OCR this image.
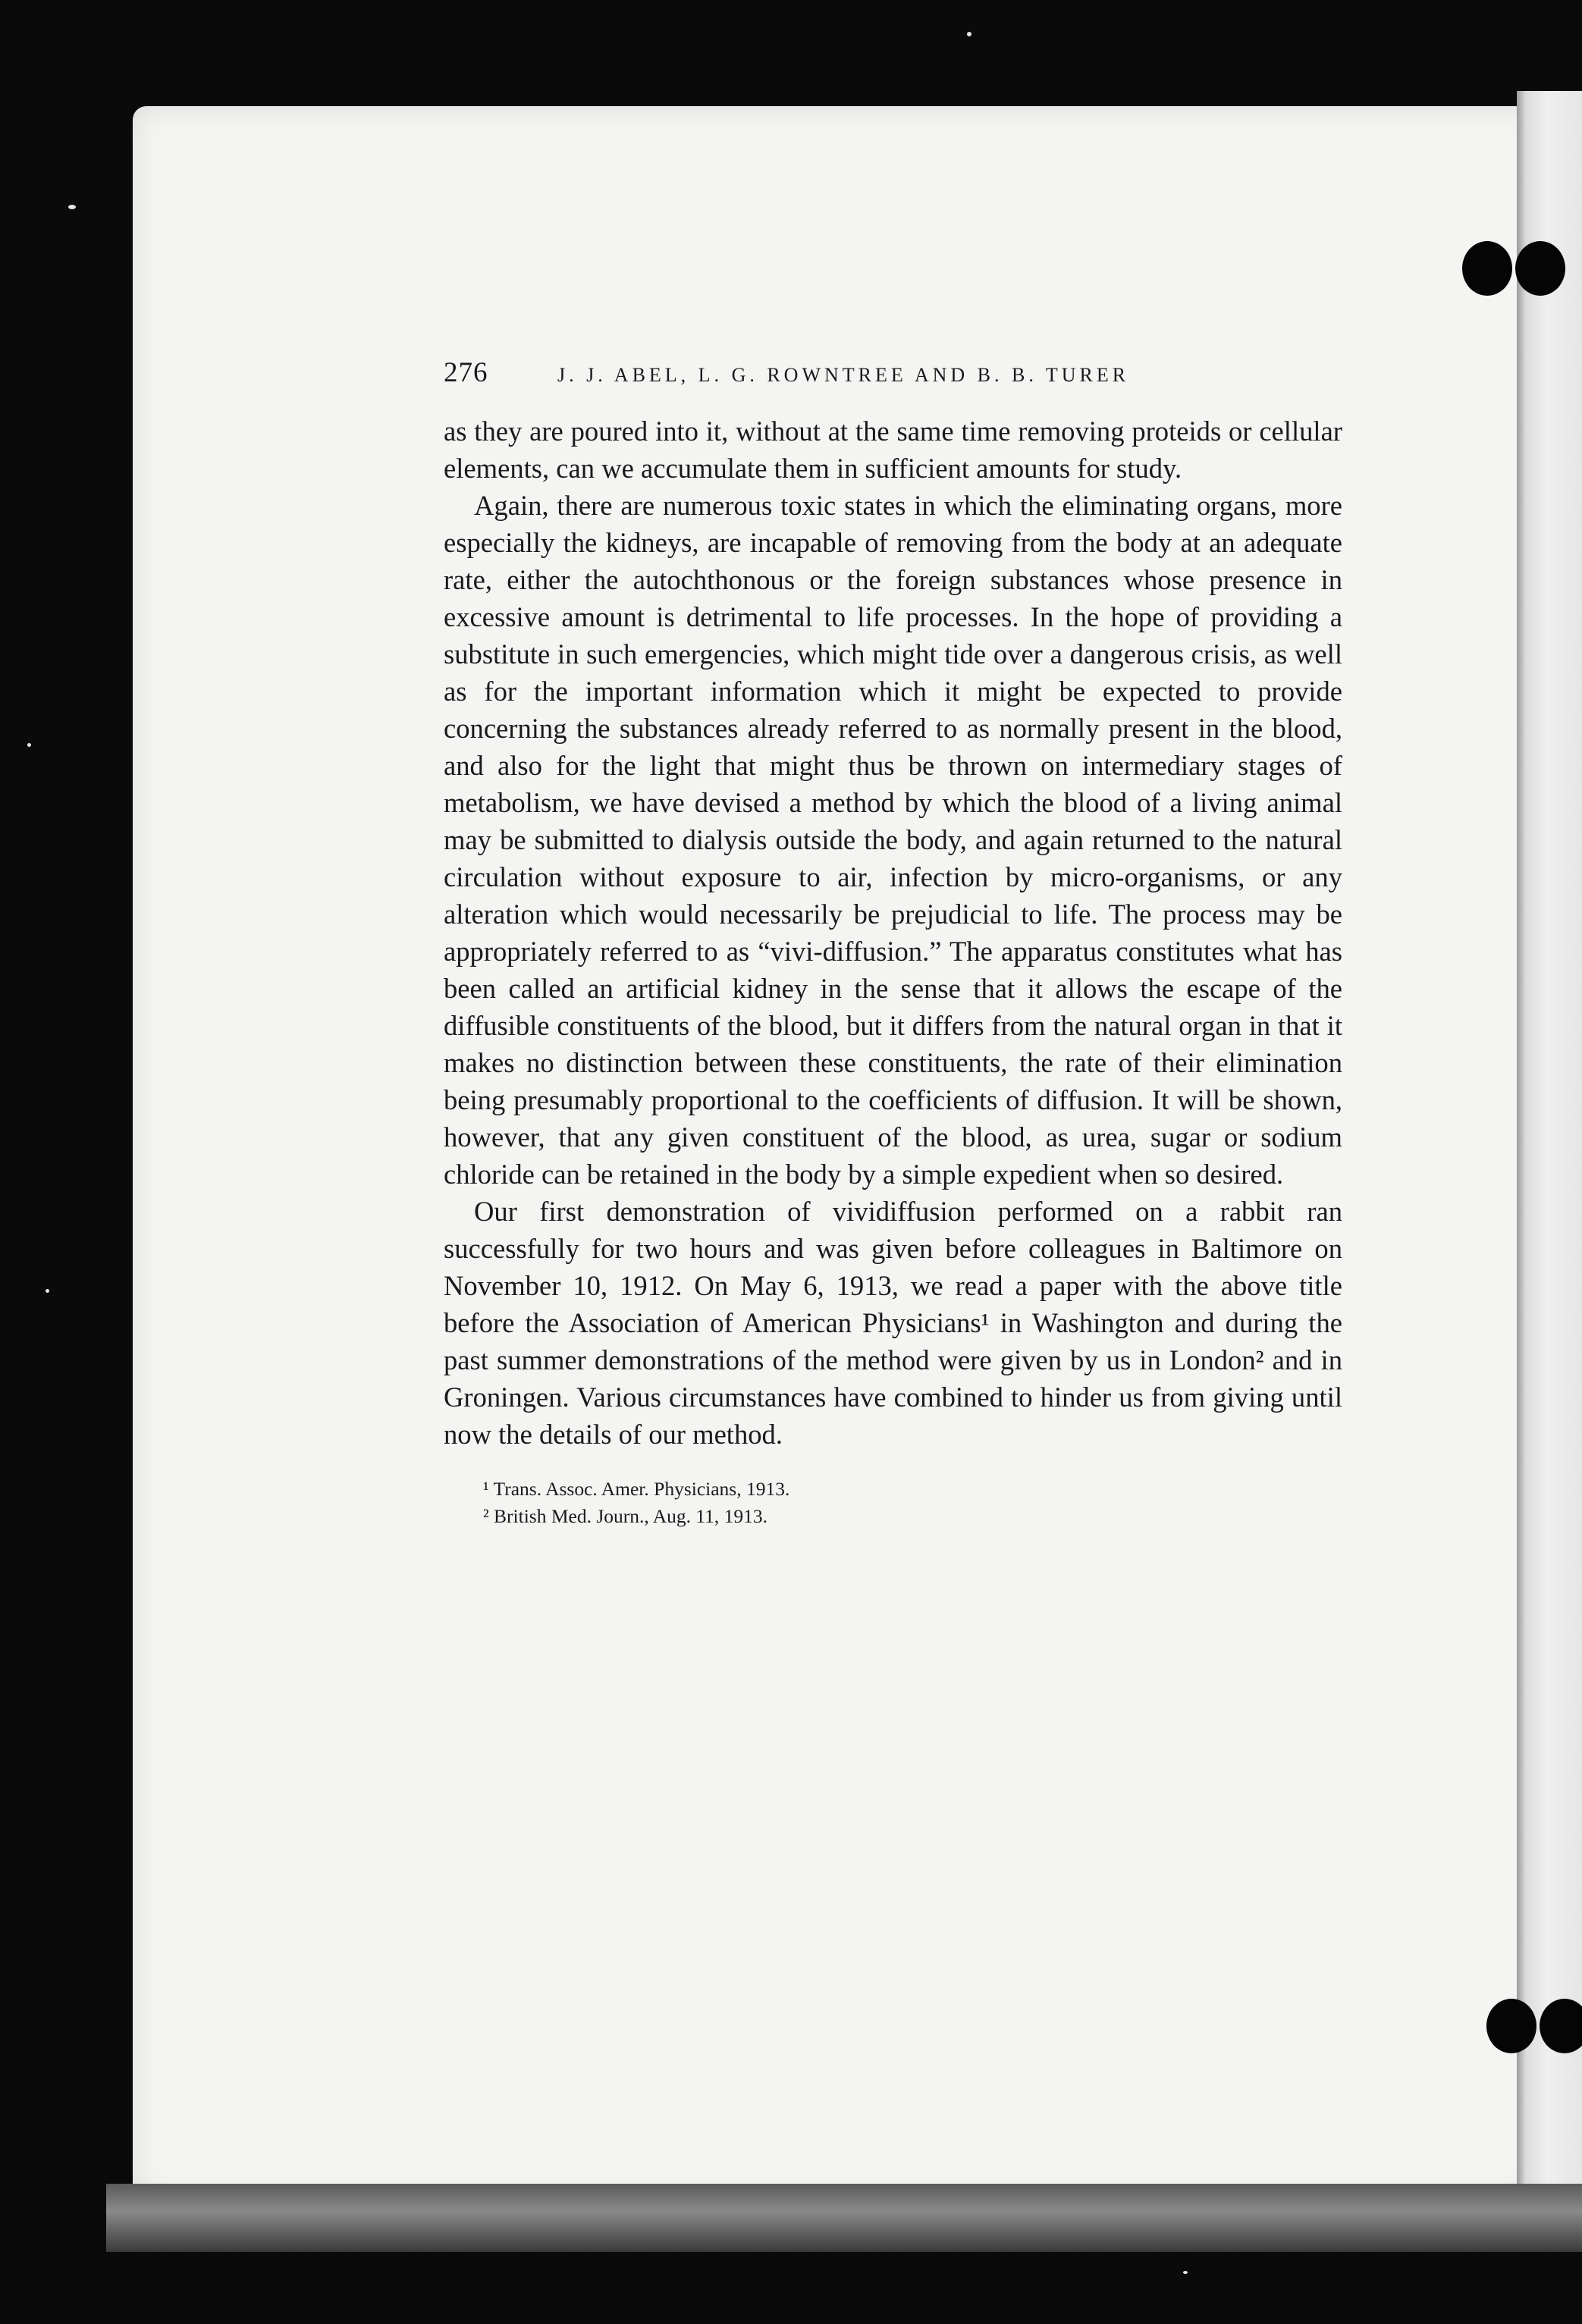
276	J. J. ABEL, L. G. ROWNTREE AND B. B. TURER

as they are poured into it, without at the same time removing proteids or cellular elements, can we accumulate them in sufficient amounts for study.

Again, there are numerous toxic states in which the eliminating organs, more especially the kidneys, are incapable of removing from the body at an adequate rate, either the autochthonous or the foreign substances whose presence in excessive amount is detrimental to life processes. In the hope of providing a substitute in such emergencies, which might tide over a dangerous crisis, as well as for the important information which it might be expected to provide concerning the substances already referred to as normally present in the blood, and also for the light that might thus be thrown on intermediary stages of metabolism, we have devised a method by which the blood of a living animal may be submitted to dialysis outside the body, and again returned to the natural circulation without exposure to air, infection by micro-organisms, or any alteration which would necessarily be prejudicial to life. The process may be appropriately referred to as “vivi-diffusion.” The apparatus constitutes what has been called an artificial kidney in the sense that it allows the escape of the diffusible constituents of the blood, but it differs from the natural organ in that it makes no distinction between these constituents, the rate of their elimination being presumably proportional to the coefficients of diffusion. It will be shown, however, that any given constituent of the blood, as urea, sugar or sodium chloride can be retained in the body by a simple expedient when so desired.

Our first demonstration of vividiffusion performed on a rabbit ran successfully for two hours and was given before colleagues in Baltimore on November 10, 1912. On May 6, 1913, we read a paper with the above title before the Association of American Physicians¹ in Washington and during the past summer demonstrations of the method were given by us in London² and in Groningen. Various circumstances have combined to hinder us from giving until now the details of our method.

¹ Trans. Assoc. Amer. Physicians, 1913.
² British Med. Journ., Aug. 11, 1913.
